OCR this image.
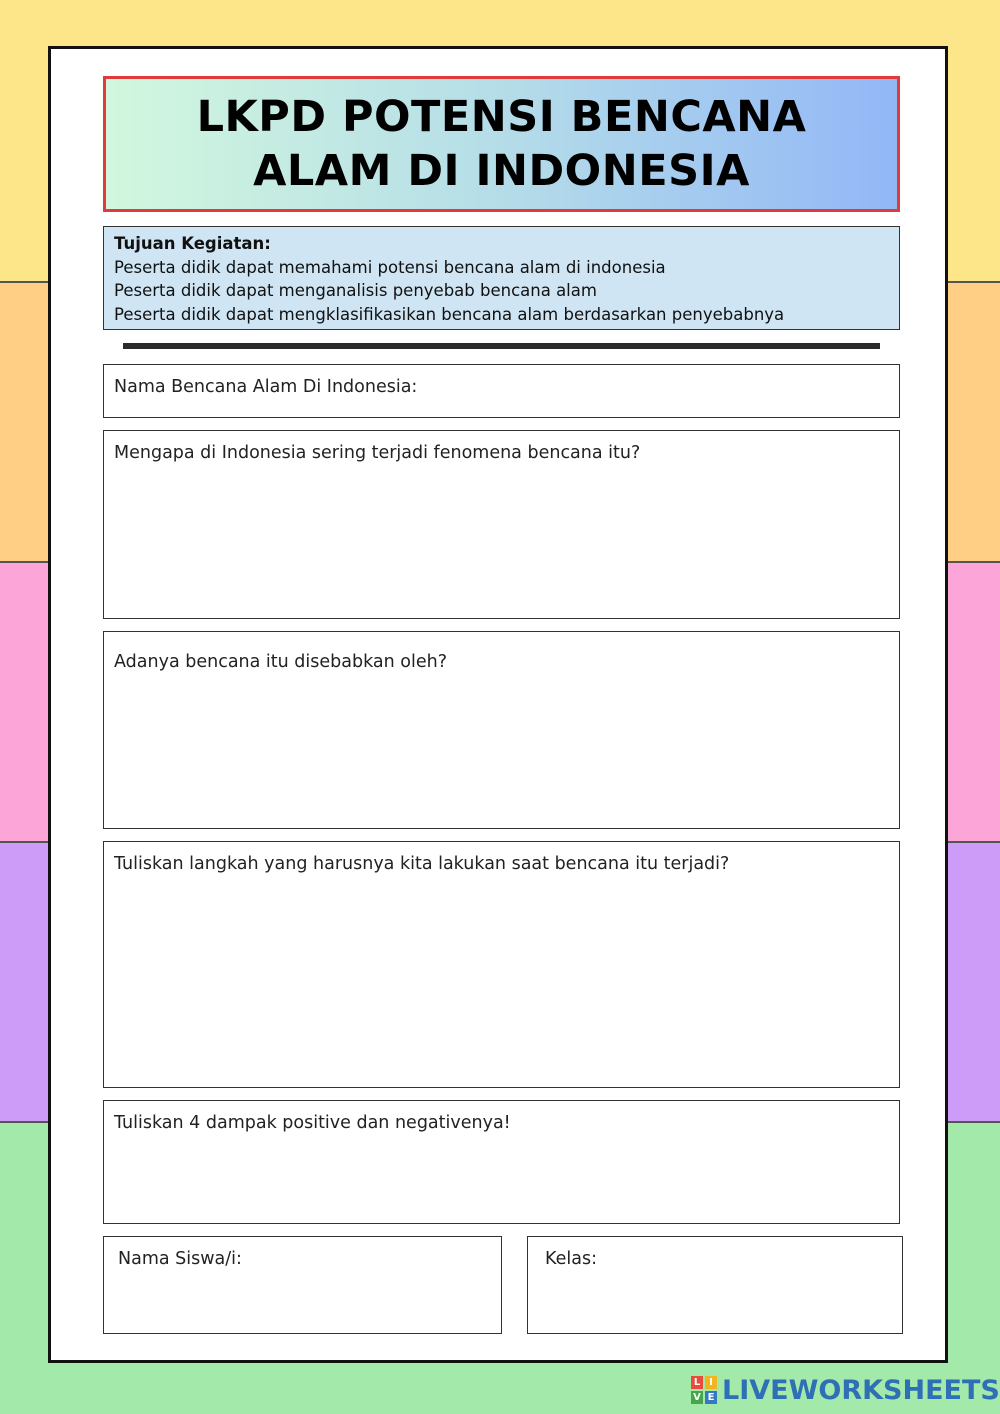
LKPD POTENSI BENCANA ALAM DI INDONESIA
Tujuan Kegiatan:
Peserta didik dapat memahami potensi bencana alam di indonesia
Peserta didik dapat menganalisis penyebab bencana alam
Peserta didik dapat mengklasifikasikan bencana alam berdasarkan penyebabnya
Nama Bencana Alam Di Indonesia:
Mengapa di Indonesia sering terjadi fenomena bencana itu?
Adanya bencana itu disebabkan oleh?
Tuliskan langkah yang harusnya kita lakukan saat bencana itu terjadi?
Tuliskan 4 dampak positive dan negativenya!
Nama Siswa/i:	Kelas:
L I
V E LIVEWORKSHEETS
